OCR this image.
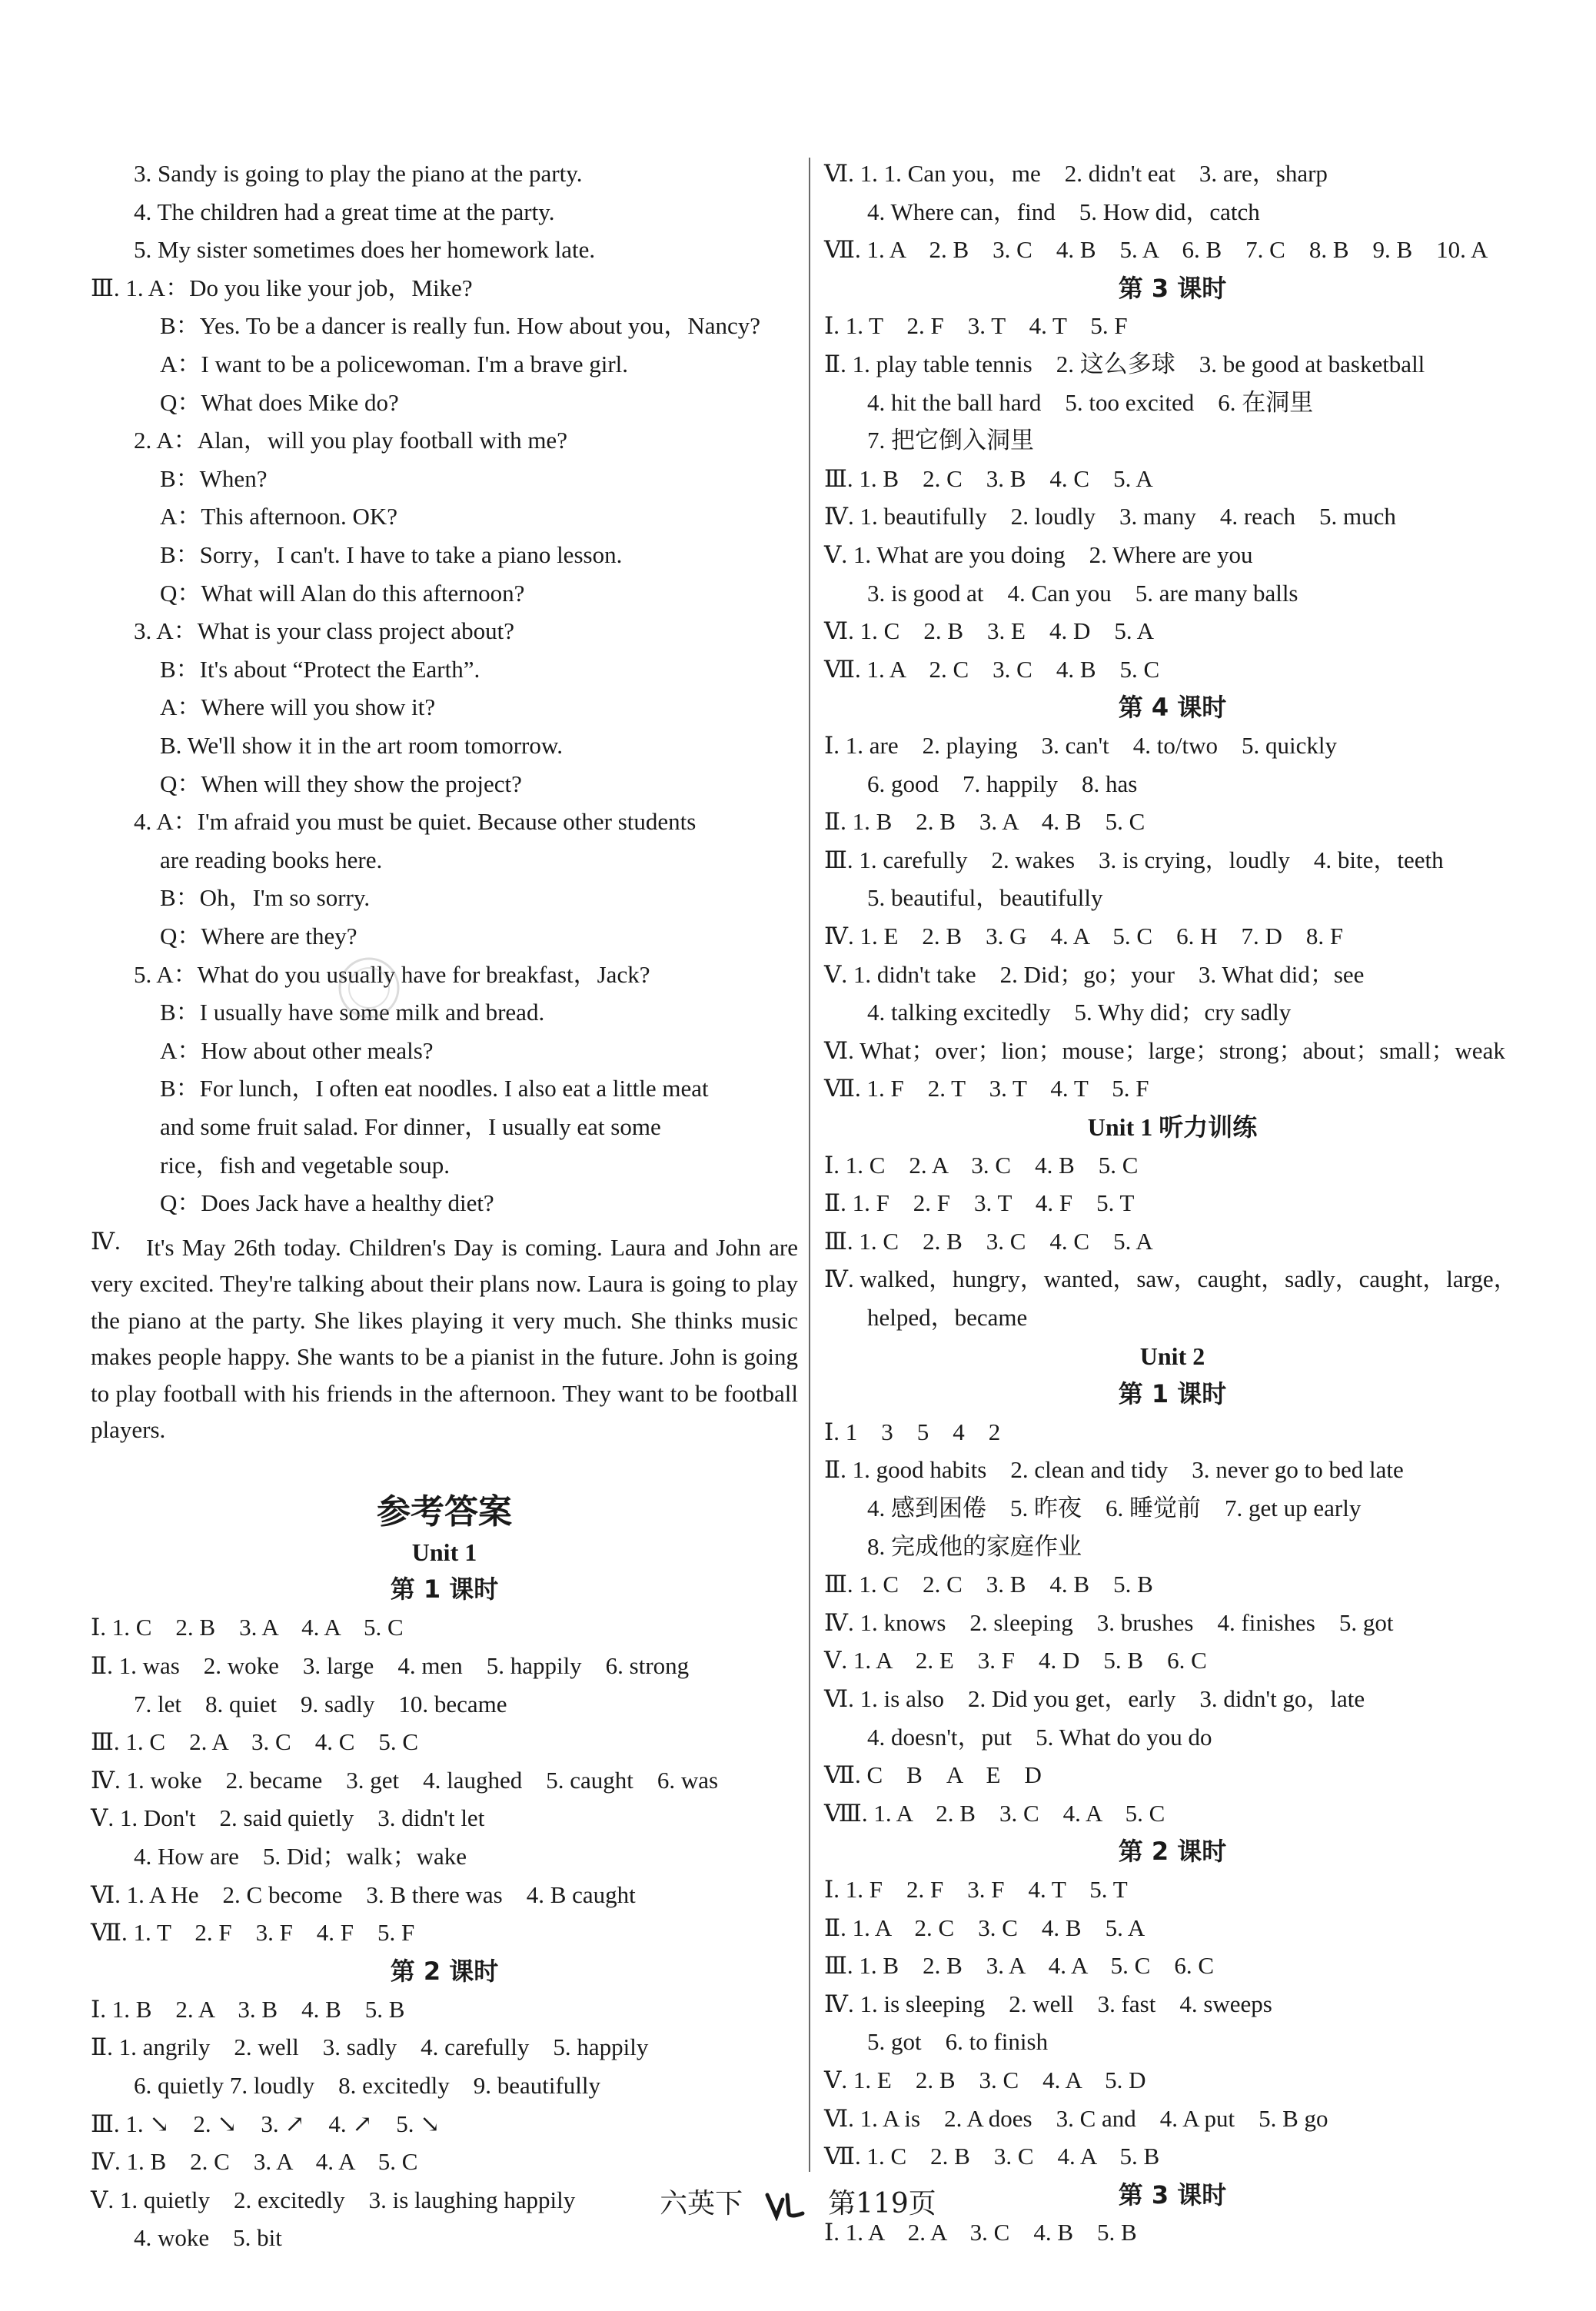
3. Sandy is going to play the piano at the party.
4. The children had a great time at the party.
5. My sister sometimes does her homework late.
Ⅲ. 1. A：Do you like your job，Mike?
B：Yes. To be a dancer is really fun. How about you，Nancy?
A：I want to be a policewoman. I'm a brave girl.
Q：What does Mike do?
2. A：Alan，will you play football with me?
B：When?
A：This afternoon. OK?
B：Sorry，I can't. I have to take a piano lesson.
Q：What will Alan do this afternoon?
3. A：What is your class project about?
B：It's about “Protect the Earth”.
A：Where will you show it?
B. We'll show it in the art room tomorrow.
Q：When will they show the project?
4. A：I'm afraid you must be quiet. Because other students
are reading books here.
B：Oh，I'm so sorry.
Q：Where are they?
5. A：What do you usually have for breakfast，Jack?
B：I usually have some milk and bread.
A：How about other meals?
B：For lunch，I often eat noodles. I also eat a little meat
and some fruit salad. For dinner，I usually eat some
rice，fish and vegetable soup.
Q：Does Jack have a healthy diet?
Ⅳ.	It's May 26th today. Children's Day is coming. Laura and John are very excited. They're talking about their plans now. Laura is going to play the piano at the party. She likes playing it very much. She thinks music makes people happy. She wants to be a pianist in the future. John is going to play football with his friends in the afternoon. They want to be football players.
参考答案
Unit 1
第 1 课时
Ⅰ. 1. C　2. B　3. A　4. A　5. C
Ⅱ. 1. was　2. woke　3. large　4. men　5. happily　6. strong
7. let　8. quiet　9. sadly　10. became
Ⅲ. 1. C　2. A　3. C　4. C　5. C
Ⅳ. 1. woke　2. became　3. get　4. laughed　5. caught　6. was
Ⅴ. 1. Don't　2. said quietly　3. didn't let
4. How are　5. Did；walk；wake
Ⅵ. 1. A He　2. C become　3. B there was　4. B caught
Ⅶ. 1. T　2. F　3. F　4. F　5. F
第 2 课时
Ⅰ. 1. B　2. A　3. B　4. B　5. B
Ⅱ. 1. angrily　2. well　3. sadly　4. carefully　5. happily
6. quietly 7. loudly　8. excitedly　9. beautifully
Ⅲ. 1. ↘　2. ↘　3. ↗　4. ↗　5. ↘
Ⅳ. 1. B　2. C　3. A　4. A　5. C
Ⅴ. 1. quietly　2. excitedly　3. is laughing happily
4. woke　5. bit
Ⅵ. 1. 1. Can you，me　2. didn't eat　3. are，sharp
4. Where can，find　5. How did，catch
Ⅶ. 1. A　2. B　3. C　4. B　5. A　6. B　7. C　8. B　9. B　10. A
第 3 课时
Ⅰ. 1. T　2. F　3. T　4. T　5. F
Ⅱ. 1. play table tennis　2. 这么多球　3. be good at basketball
4. hit the ball hard　5. too excited　6. 在洞里
7. 把它倒入洞里
Ⅲ. 1. B　2. C　3. B　4. C　5. A
Ⅳ. 1. beautifully　2. loudly　3. many　4. reach　5. much
Ⅴ. 1. What are you doing　2. Where are you
3. is good at　4. Can you　5. are many balls
Ⅵ. 1. C　2. B　3. E　4. D　5. A
Ⅶ. 1. A　2. C　3. C　4. B　5. C
第 4 课时
Ⅰ. 1. are　2. playing　3. can't　4. to/two　5. quickly
6. good　7. happily　8. has
Ⅱ. 1. B　2. B　3. A　4. B　5. C
Ⅲ. 1. carefully　2. wakes　3. is crying，loudly　4. bite，teeth
5. beautiful，beautifully
Ⅳ. 1. E　2. B　3. G　4. A　5. C　6. H　7. D　8. F
Ⅴ. 1. didn't take　2. Did；go；your　3. What did；see
4. talking excitedly　5. Why did；cry sadly
Ⅵ. What；over；lion；mouse；large；strong；about；small；weak
Ⅶ. 1. F　2. T　3. T　4. T　5. F
Unit 1 听力训练
Ⅰ. 1. C　2. A　3. C　4. B　5. C
Ⅱ. 1. F　2. F　3. T　4. F　5. T
Ⅲ. 1. C　2. B　3. C　4. C　5. A
Ⅳ. walked，hungry，wanted，saw，caught，sadly，caught，large，
helped，became
Unit 2
第 1 课时
Ⅰ. 1　3　5　4　2
Ⅱ. 1. good habits　2. clean and tidy　3. never go to bed late
4. 感到困倦　5. 昨夜　6. 睡觉前　7. get up early
8. 完成他的家庭作业
Ⅲ. 1. C　2. C　3. B　4. B　5. B
Ⅳ. 1. knows　2. sleeping　3. brushes　4. finishes　5. got
Ⅴ. 1. A　2. E　3. F　4. D　5. B　6. C
Ⅵ. 1. is also　2. Did you get，early　3. didn't go，late
4. doesn't，put　5. What do you do
Ⅶ. C　B　A　E　D
Ⅷ. 1. A　2. B　3. C　4. A　5. C
第 2 课时
Ⅰ. 1. F　2. F　3. F　4. T　5. T
Ⅱ. 1. A　2. C　3. C　4. B　5. A
Ⅲ. 1. B　2. B　3. A　4. A　5. C　6. C
Ⅳ. 1. is sleeping　2. well　3. fast　4. sweeps
5. got　6. to finish
Ⅴ. 1. E　2. B　3. C　4. A　5. D
Ⅵ. 1. A is　2. A does　3. C and　4. A put　5. B go
Ⅶ. 1. C　2. B　3. C　4. A　5. B
第 3 课时
Ⅰ. 1. A　2. A　3. C　4. B　5. B
六英下	第119页
